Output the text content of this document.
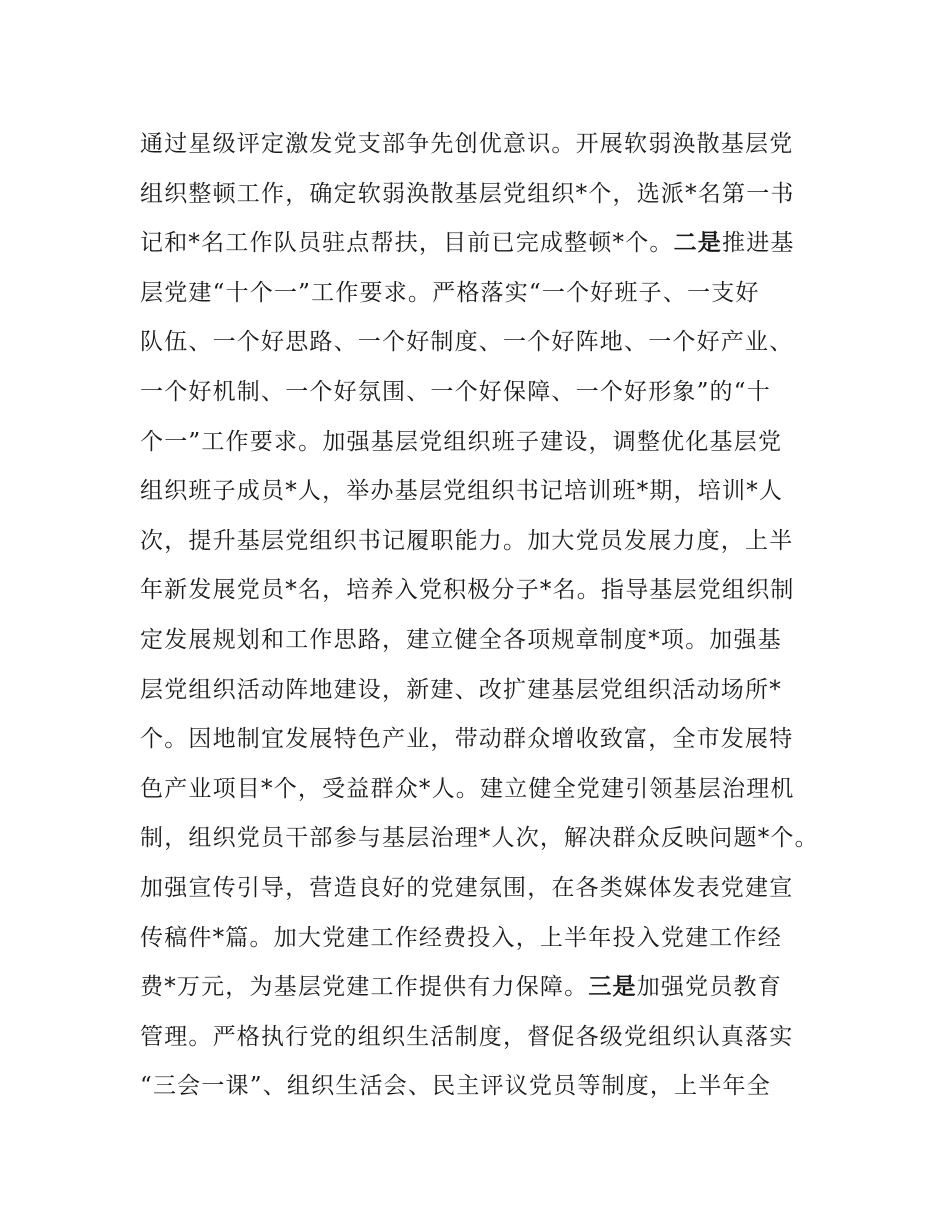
通过星级评定激发党支部争先创优意识。开展软弱涣散基层党
组织整顿工作，确定软弱涣散基层党组织*个，选派*名第一书
记和*名工作队员驻点帮扶，目前已完成整顿*个。二是推进基
层党建“十个一”工作要求。严格落实“一个好班子、一支好
队伍、一个好思路、一个好制度、一个好阵地、一个好产业、
一个好机制、一个好氛围、一个好保障、一个好形象”的“十
个一”工作要求。加强基层党组织班子建设，调整优化基层党
组织班子成员*人，举办基层党组织书记培训班*期，培训*人
次，提升基层党组织书记履职能力。加大党员发展力度，上半
年新发展党员*名，培养入党积极分子*名。指导基层党组织制
定发展规划和工作思路，建立健全各项规章制度*项。加强基
层党组织活动阵地建设，新建、改扩建基层党组织活动场所*
个。因地制宜发展特色产业，带动群众增收致富，全市发展特
色产业项目*个，受益群众*人。建立健全党建引领基层治理机
制，组织党员干部参与基层治理*人次，解决群众反映问题*个。
加强宣传引导，营造良好的党建氛围，在各类媒体发表党建宣
传稿件*篇。加大党建工作经费投入，上半年投入党建工作经
费*万元，为基层党建工作提供有力保障。三是加强党员教育
管理。严格执行党的组织生活制度，督促各级党组织认真落实
“三会一课”、组织生活会、民主评议党员等制度，上半年全
